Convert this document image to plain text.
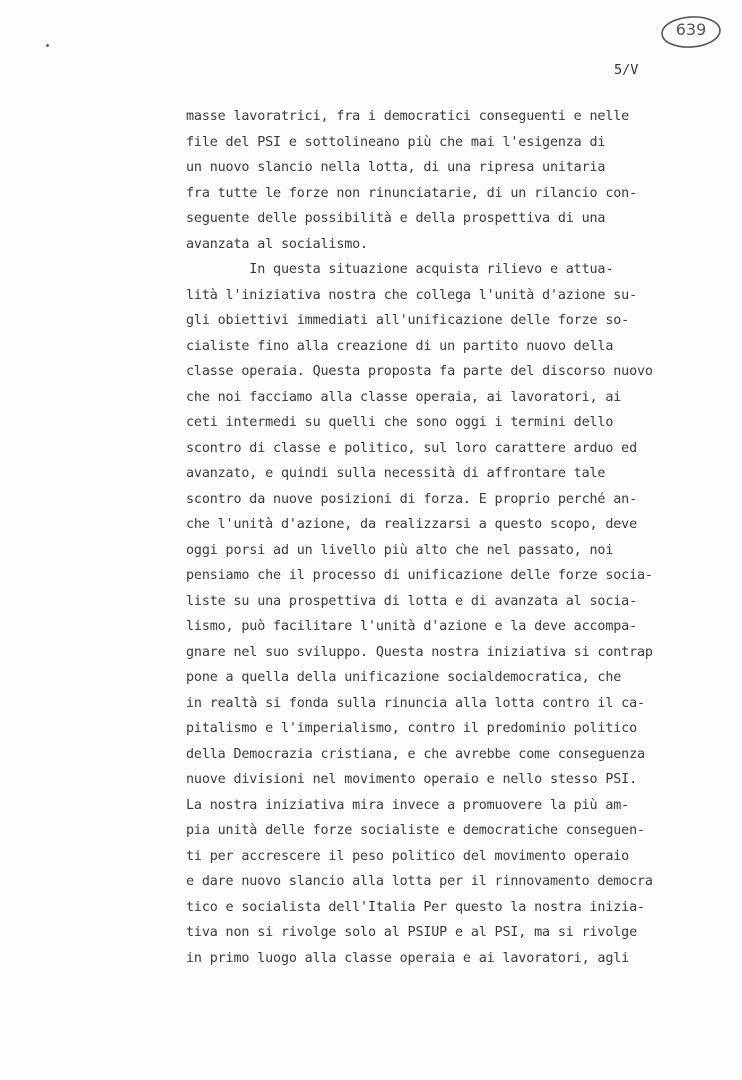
639
5/V
masse lavoratrici, fra i democratici conseguenti e nelle
file del PSI e sottolineano più che mai l'esigenza di
un nuovo slancio nella lotta, di una ripresa unitaria
fra tutte le forze non rinunciatarie, di un rilancio con-
seguente delle possibilità e della prospettiva di una
avanzata al socialismo.
In questa situazione acquista rilievo e attua-
lità l'iniziativa nostra che collega l'unità d'azione su-
gli obiettivi immediati all'unificazione delle forze so-
cialiste fino alla creazione di un partito nuovo della
classe operaia. Questa proposta fa parte del discorso nuovo
che noi facciamo alla classe operaia, ai lavoratori, ai
ceti intermedi su quelli che sono oggi i termini dello
scontro di classe e politico, sul loro carattere arduo ed
avanzato, e quindi sulla necessità di affrontare tale
scontro da nuove posizioni di forza. E proprio perché an-
che l'unità d'azione, da realizzarsi a questo scopo, deve
oggi porsi ad un livello più alto che nel passato, noi
pensiamo che il processo di unificazione delle forze socia-
liste su una prospettiva di lotta e di avanzata al socia-
lismo, può facilitare l'unità d'azione e la deve accompa-
gnare nel suo sviluppo. Questa nostra iniziativa si contrap
pone a quella della unificazione socialdemocratica, che
in realtà si fonda sulla rinuncia alla lotta contro il ca-
pitalismo e l'imperialismo, contro il predominio politico
della Democrazia cristiana, e che avrebbe come conseguenza
nuove divisioni nel movimento operaio e nello stesso PSI.
La nostra iniziativa mira invece a promuovere la più am-
pia unità delle forze socialiste e democratiche conseguen-
ti per accrescere il peso politico del movimento operaio
e dare nuovo slancio alla lotta per il rinnovamento democra
tico e socialista dell'Italia Per questo la nostra inizia-
tiva non si rivolge solo al PSIUP e al PSI, ma si rivolge
in primo luogo alla classe operaia e ai lavoratori, agli
